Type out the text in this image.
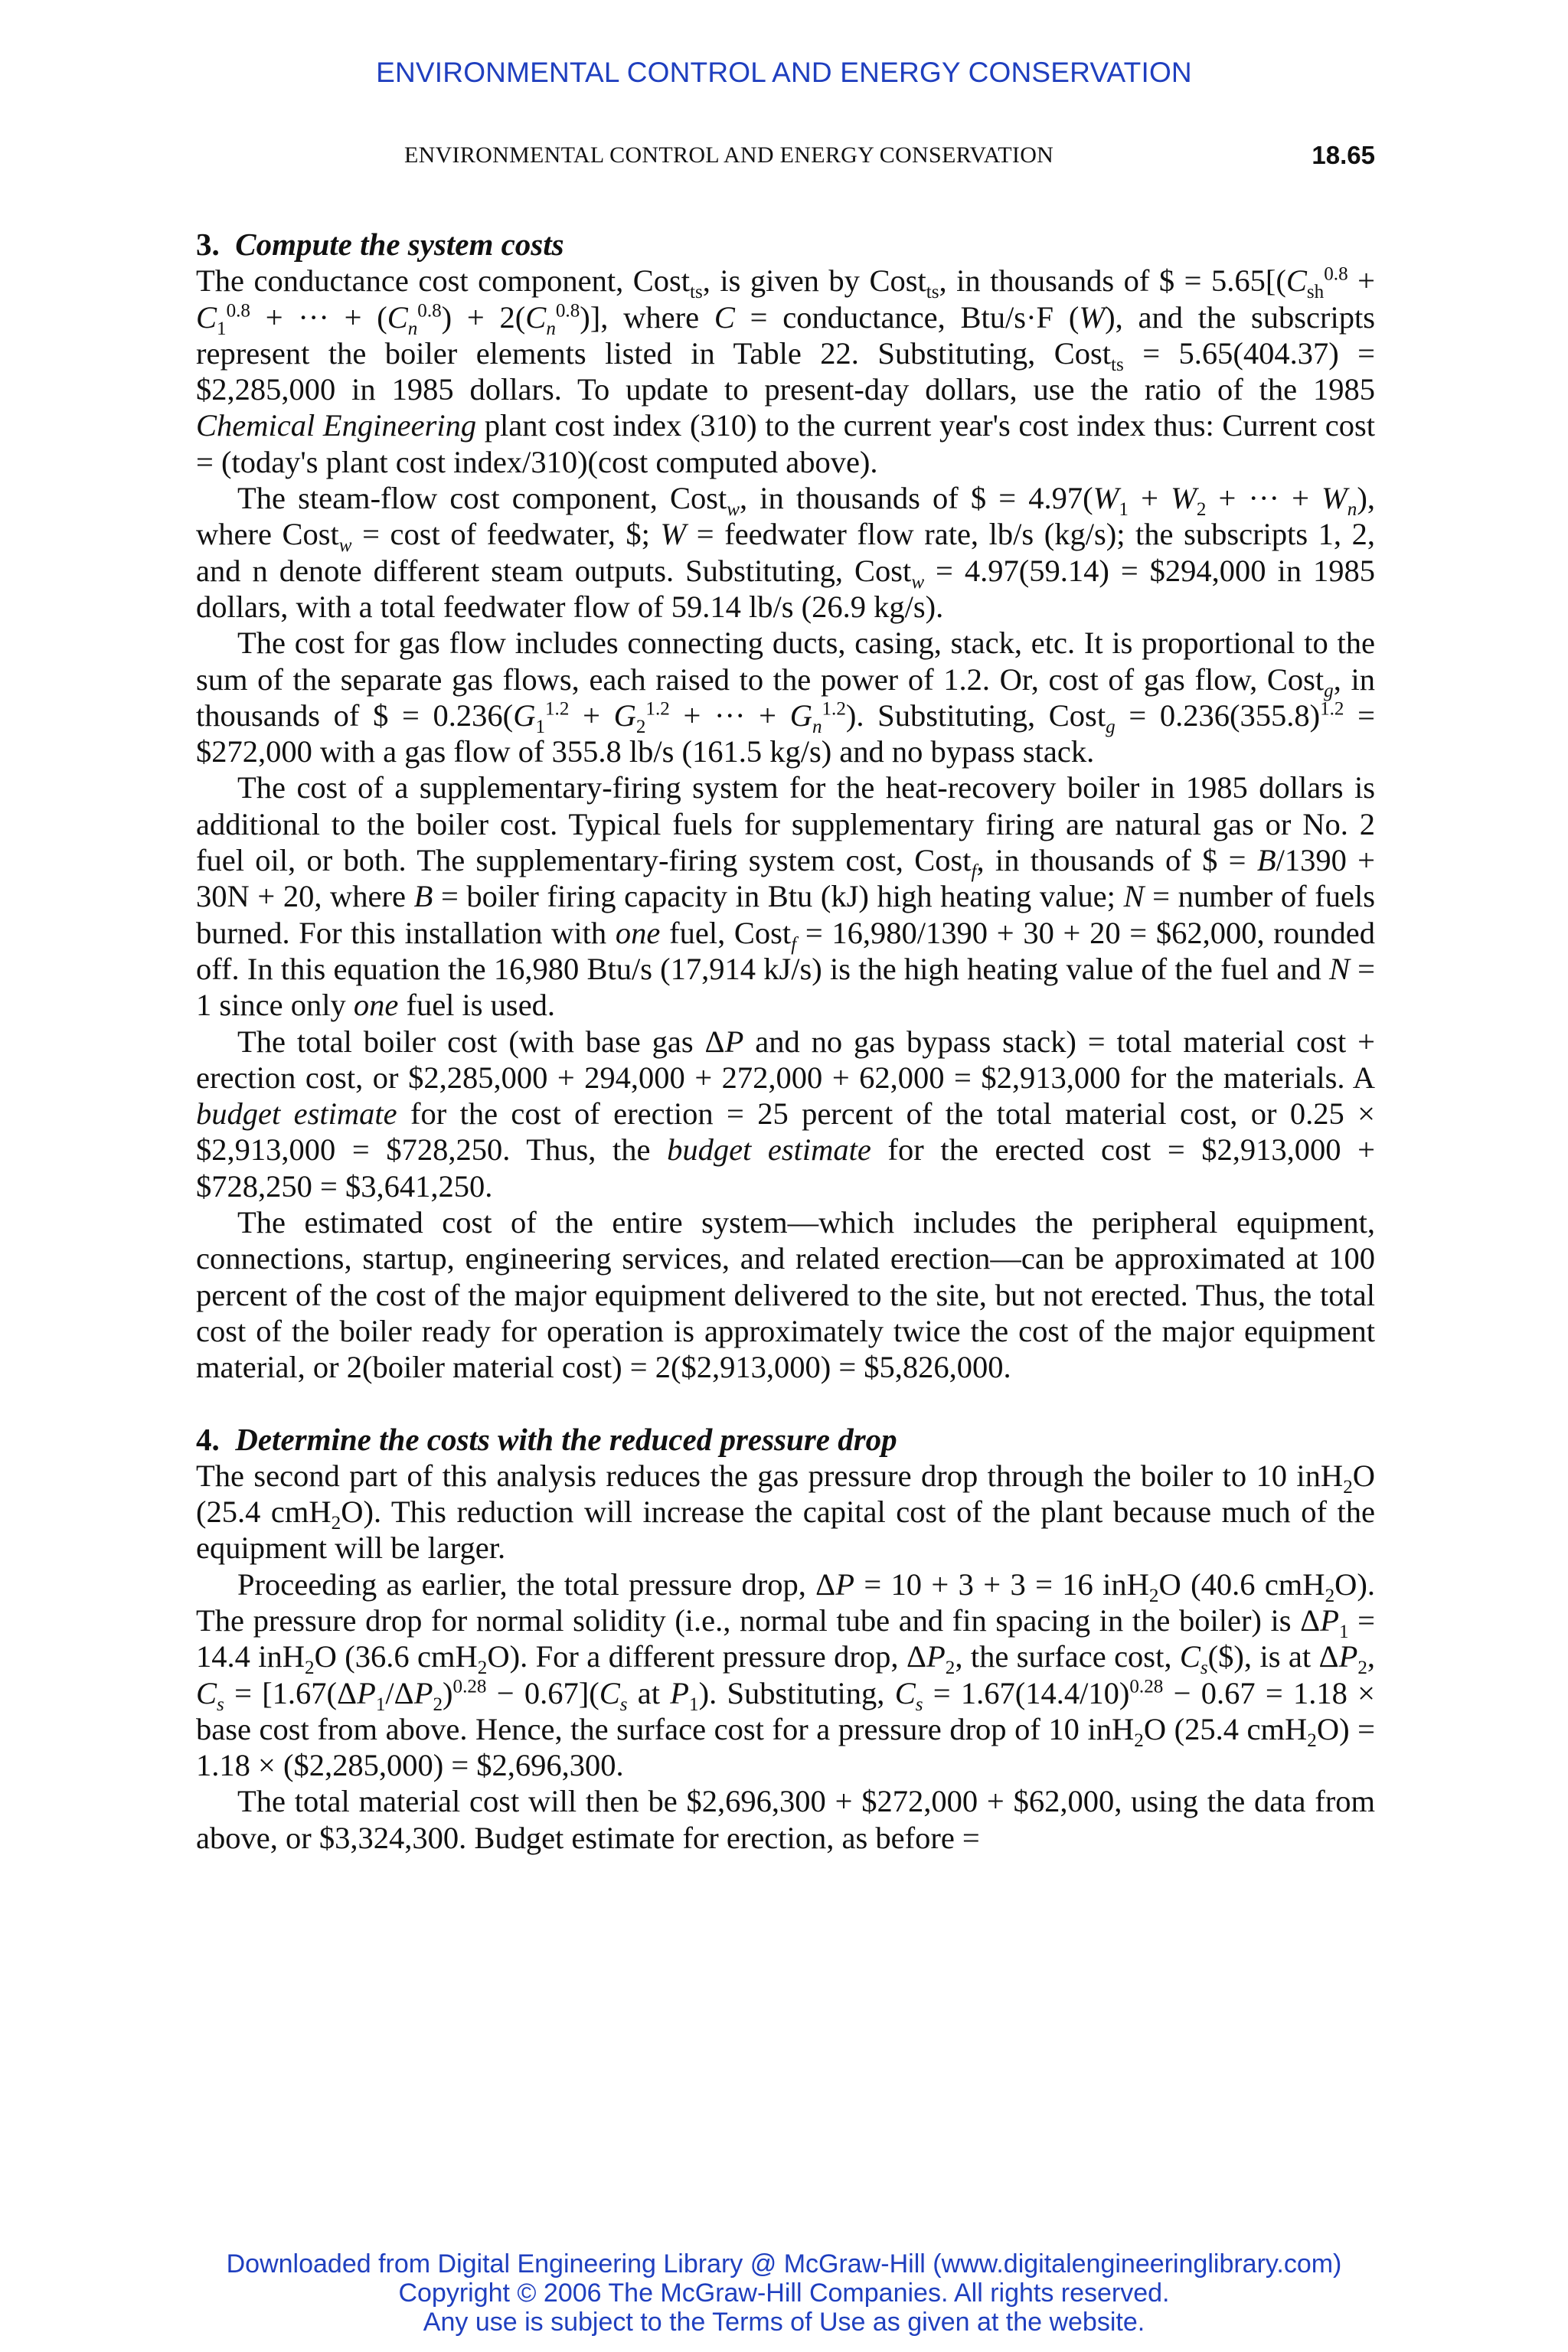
ENVIRONMENTAL CONTROL AND ENERGY CONSERVATION
ENVIRONMENTAL CONTROL AND ENERGY CONSERVATION	18.65
3. Compute the system costs

The conductance cost component, Cost$_{ts}$, is given by Cost$_{ts}$, in thousands of $ = $5.65[(C_{sh}^{0.8} + C_1^{0.8}$ + ··· + $(C_n^{0.8}) + 2(C_n^{0.8})$], where C = conductance, Btu/s·F (W), and the subscripts represent the boiler elements listed in Table 22. Substituting, Cost$_{ts}$ = 5.65(404.37) = $2,285,000 in 1985 dollars. To update to present-day dollars, use the ratio of the 1985 Chemical Engineering plant cost index (310) to the current year's cost index thus: Current cost = (today's plant cost index/310)(cost computed above).

The steam-flow cost component, Cost$_w$, in thousands of $ = $4.97(W_1 + W_2$ + ··· + $W_n$), where Cost$_w$ = cost of feedwater, $; W = feedwater flow rate, lb/s (kg/s); the subscripts 1, 2, and n denote different steam outputs. Substituting, Cost$_w$ = 4.97(59.14) = $294,000 in 1985 dollars, with a total feedwater flow of 59.14 lb/s (26.9 kg/s).

The cost for gas flow includes connecting ducts, casing, stack, etc. It is proportional to the sum of the separate gas flows, each raised to the power of 1.2. Or, cost of gas flow, Cost$_g$, in thousands of $ = $0.236(G_1^{1.2} + G_2^{1.2}$ + ··· + $G_n^{1.2}$). Substituting, Cost$_g$ = $0.236(355.8)^{1.2}$ = $272,000 with a gas flow of 355.8 lb/s (161.5 kg/s) and no bypass stack.

The cost of a supplementary-firing system for the heat-recovery boiler in 1985 dollars is additional to the boiler cost. Typical fuels for supplementary firing are natural gas or No. 2 fuel oil, or both. The supplementary-firing system cost, Cost$_f$, in thousands of $ = B/1390 + 30N + 20, where B = boiler firing capacity in Btu (kJ) high heating value; N = number of fuels burned. For this installation with one fuel, Cost$_f$ = 16,980/1390 + 30 + 20 = $62,000, rounded off. In this equation the 16,980 Btu/s (17,914 kJ/s) is the high heating value of the fuel and N = 1 since only one fuel is used.

The total boiler cost (with base gas ΔP and no gas bypass stack) = total material cost + erection cost, or $2,285,000 + 294,000 + 272,000 + 62,000 = $2,913,000 for the materials. A budget estimate for the cost of erection = 25 percent of the total material cost, or 0.25 × $2,913,000 = $728,250. Thus, the budget estimate for the erected cost = $2,913,000 + $728,250 = $3,641,250.

The estimated cost of the entire system—which includes the peripheral equipment, connections, startup, engineering services, and related erection—can be approximated at 100 percent of the cost of the major equipment delivered to the site, but not erected. Thus, the total cost of the boiler ready for operation is approximately twice the cost of the major equipment material, or 2(boiler material cost) = 2($2,913,000) = $5,826,000.

4. Determine the costs with the reduced pressure drop

The second part of this analysis reduces the gas pressure drop through the boiler to 10 inH$_2$O (25.4 cmH$_2$O). This reduction will increase the capital cost of the plant because much of the equipment will be larger.

Proceeding as earlier, the total pressure drop, ΔP = 10 + 3 + 3 = 16 inH$_2$O (40.6 cmH$_2$O). The pressure drop for normal solidity (i.e., normal tube and fin spacing in the boiler) is $\Delta P_1 = 14.4$ inH$_2$O (36.6 cmH$_2$O). For a different pressure drop, $\Delta P_2$, the surface cost, $C_s(\$)$, is at $\Delta P_2$, $C_s = [1.67(\Delta P_1/\Delta P_2)^{0.28} - 0.67](C_s$ at $P_1$). Substituting, $C_s = 1.67(14.4/10)^{0.28} - 0.67 = 1.18$ × base cost from above. Hence, the surface cost for a pressure drop of 10 inH$_2$O (25.4 cmH$_2$O) = 1.18 × ($2,285,000) = $2,696,300.

The total material cost will then be $2,696,300 + $272,000 + $62,000, using the data from above, or $3,324,300. Budget estimate for erection, as before =

Downloaded from Digital Engineering Library @ McGraw-Hill (www.digitalengineeringlibrary.com)
Copyright © 2006 The McGraw-Hill Companies. All rights reserved.
Any use is subject to the Terms of Use as given at the website.
